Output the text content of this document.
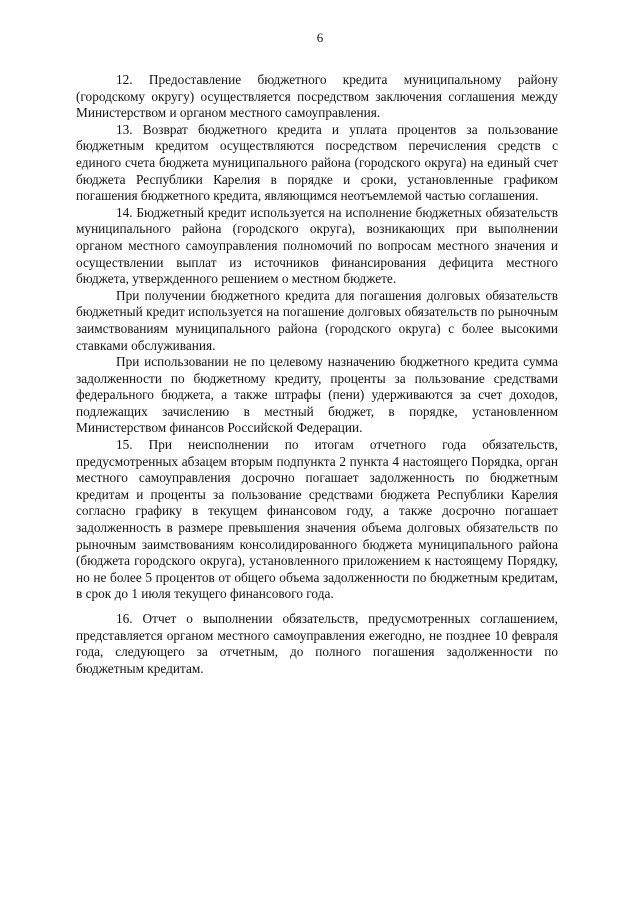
6

12. Предоставление бюджетного кредита муниципальному району (городскому округу) осуществляется посредством заключения соглашения между Министерством и органом местного самоуправления.

13. Возврат бюджетного кредита и уплата процентов за пользование бюджетным кредитом осуществляются посредством перечисления средств с единого счета бюджета муниципального района (городского округа) на единый счет бюджета Республики Карелия в порядке и сроки, установленные графиком погашения бюджетного кредита, являющимся неотъемлемой частью соглашения.

14. Бюджетный кредит используется на исполнение бюджетных обязательств муниципального района (городского округа), возникающих при выполнении органом местного самоуправления полномочий по вопросам местного значения и осуществлении выплат из источников финансирования дефицита местного бюджета, утвержденного решением о местном бюджете.

При получении бюджетного кредита для погашения долговых обязательств бюджетный кредит используется на погашение долговых обязательств по рыночным заимствованиям муниципального района (городского округа) с более высокими ставками обслуживания.

При использовании не по целевому назначению бюджетного кредита сумма задолженности по бюджетному кредиту, проценты за пользование средствами федерального бюджета, а также штрафы (пени) удерживаются за счет доходов, подлежащих зачислению в местный бюджет, в порядке, установленном Министерством финансов Российской Федерации.

15. При неисполнении по итогам отчетного года обязательств, предусмотренных абзацем вторым подпункта 2 пункта 4 настоящего Порядка, орган местного самоуправления досрочно погашает задолженность по бюджетным кредитам и проценты за пользование средствами бюджета Республики Карелия согласно графику в текущем финансовом году, а также досрочно погашает задолженность в размере превышения значения объема долговых обязательств по рыночным заимствованиям консолидированного бюджета муниципального района (бюджета городского округа), установленного приложением к настоящему Порядку, но не более 5 процентов от общего объема задолженности по бюджетным кредитам, в срок до 1 июля текущего финансового года.

16. Отчет о выполнении обязательств, предусмотренных соглашением, представляется органом местного самоуправления ежегодно, не позднее 10 февраля года, следующего за отчетным, до полного погашения задолженности по бюджетным кредитам.
